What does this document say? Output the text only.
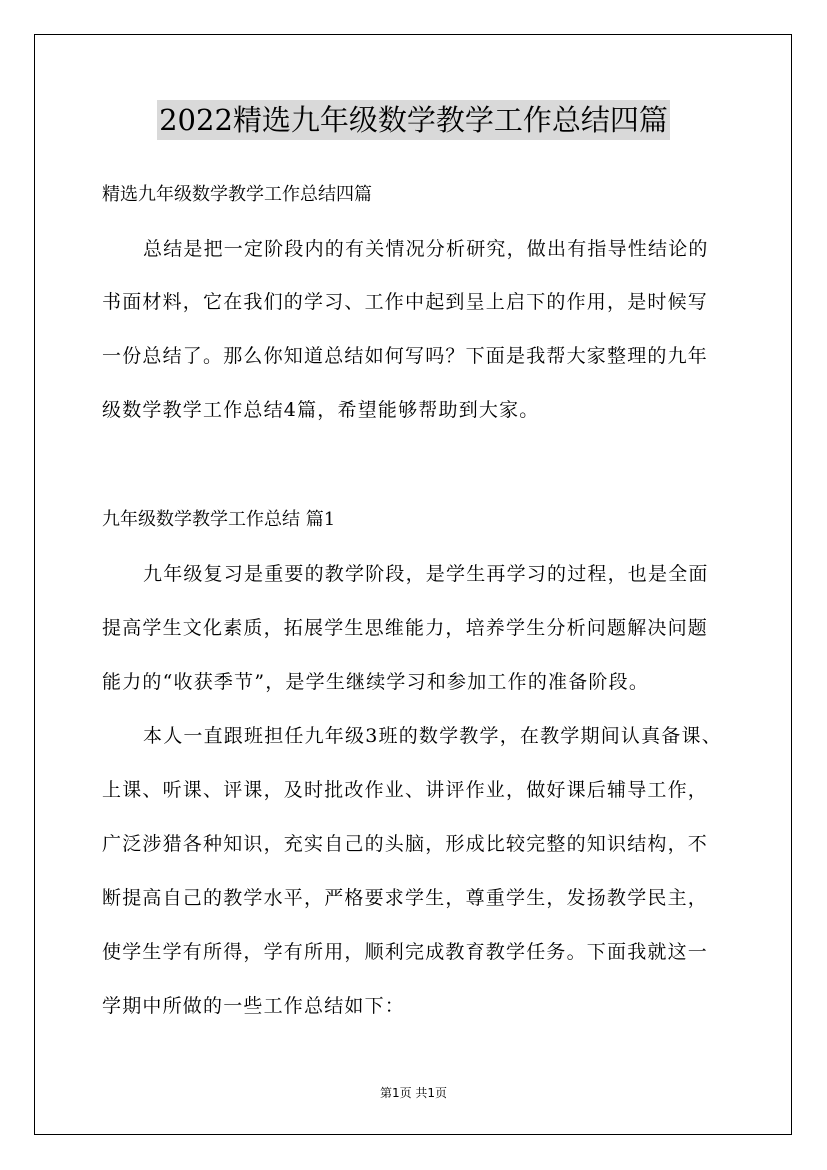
2022精选九年级数学教学工作总结四篇
精选九年级数学教学工作总结四篇
总结是把一定阶段内的有关情况分析研究，做出有指导性结论的
书面材料，它在我们的学习、工作中起到呈上启下的作用，是时候写
一份总结了。那么你知道总结如何写吗？下面是我帮大家整理的九年
级数学教学工作总结4篇，希望能够帮助到大家。
九年级数学教学工作总结 篇1
九年级复习是重要的教学阶段，是学生再学习的过程，也是全面
提高学生文化素质，拓展学生思维能力，培养学生分析问题解决问题
能力的“收获季节”，是学生继续学习和参加工作的准备阶段。
本人一直跟班担任九年级3班的数学教学，在教学期间认真备课、
上课、听课、评课，及时批改作业、讲评作业，做好课后辅导工作，
广泛涉猎各种知识，充实自己的头脑，形成比较完整的知识结构，不
断提高自己的教学水平，严格要求学生，尊重学生，发扬教学民主，
使学生学有所得，学有所用，顺利完成教育教学任务。下面我就这一
学期中所做的一些工作总结如下：
第1页 共1页
